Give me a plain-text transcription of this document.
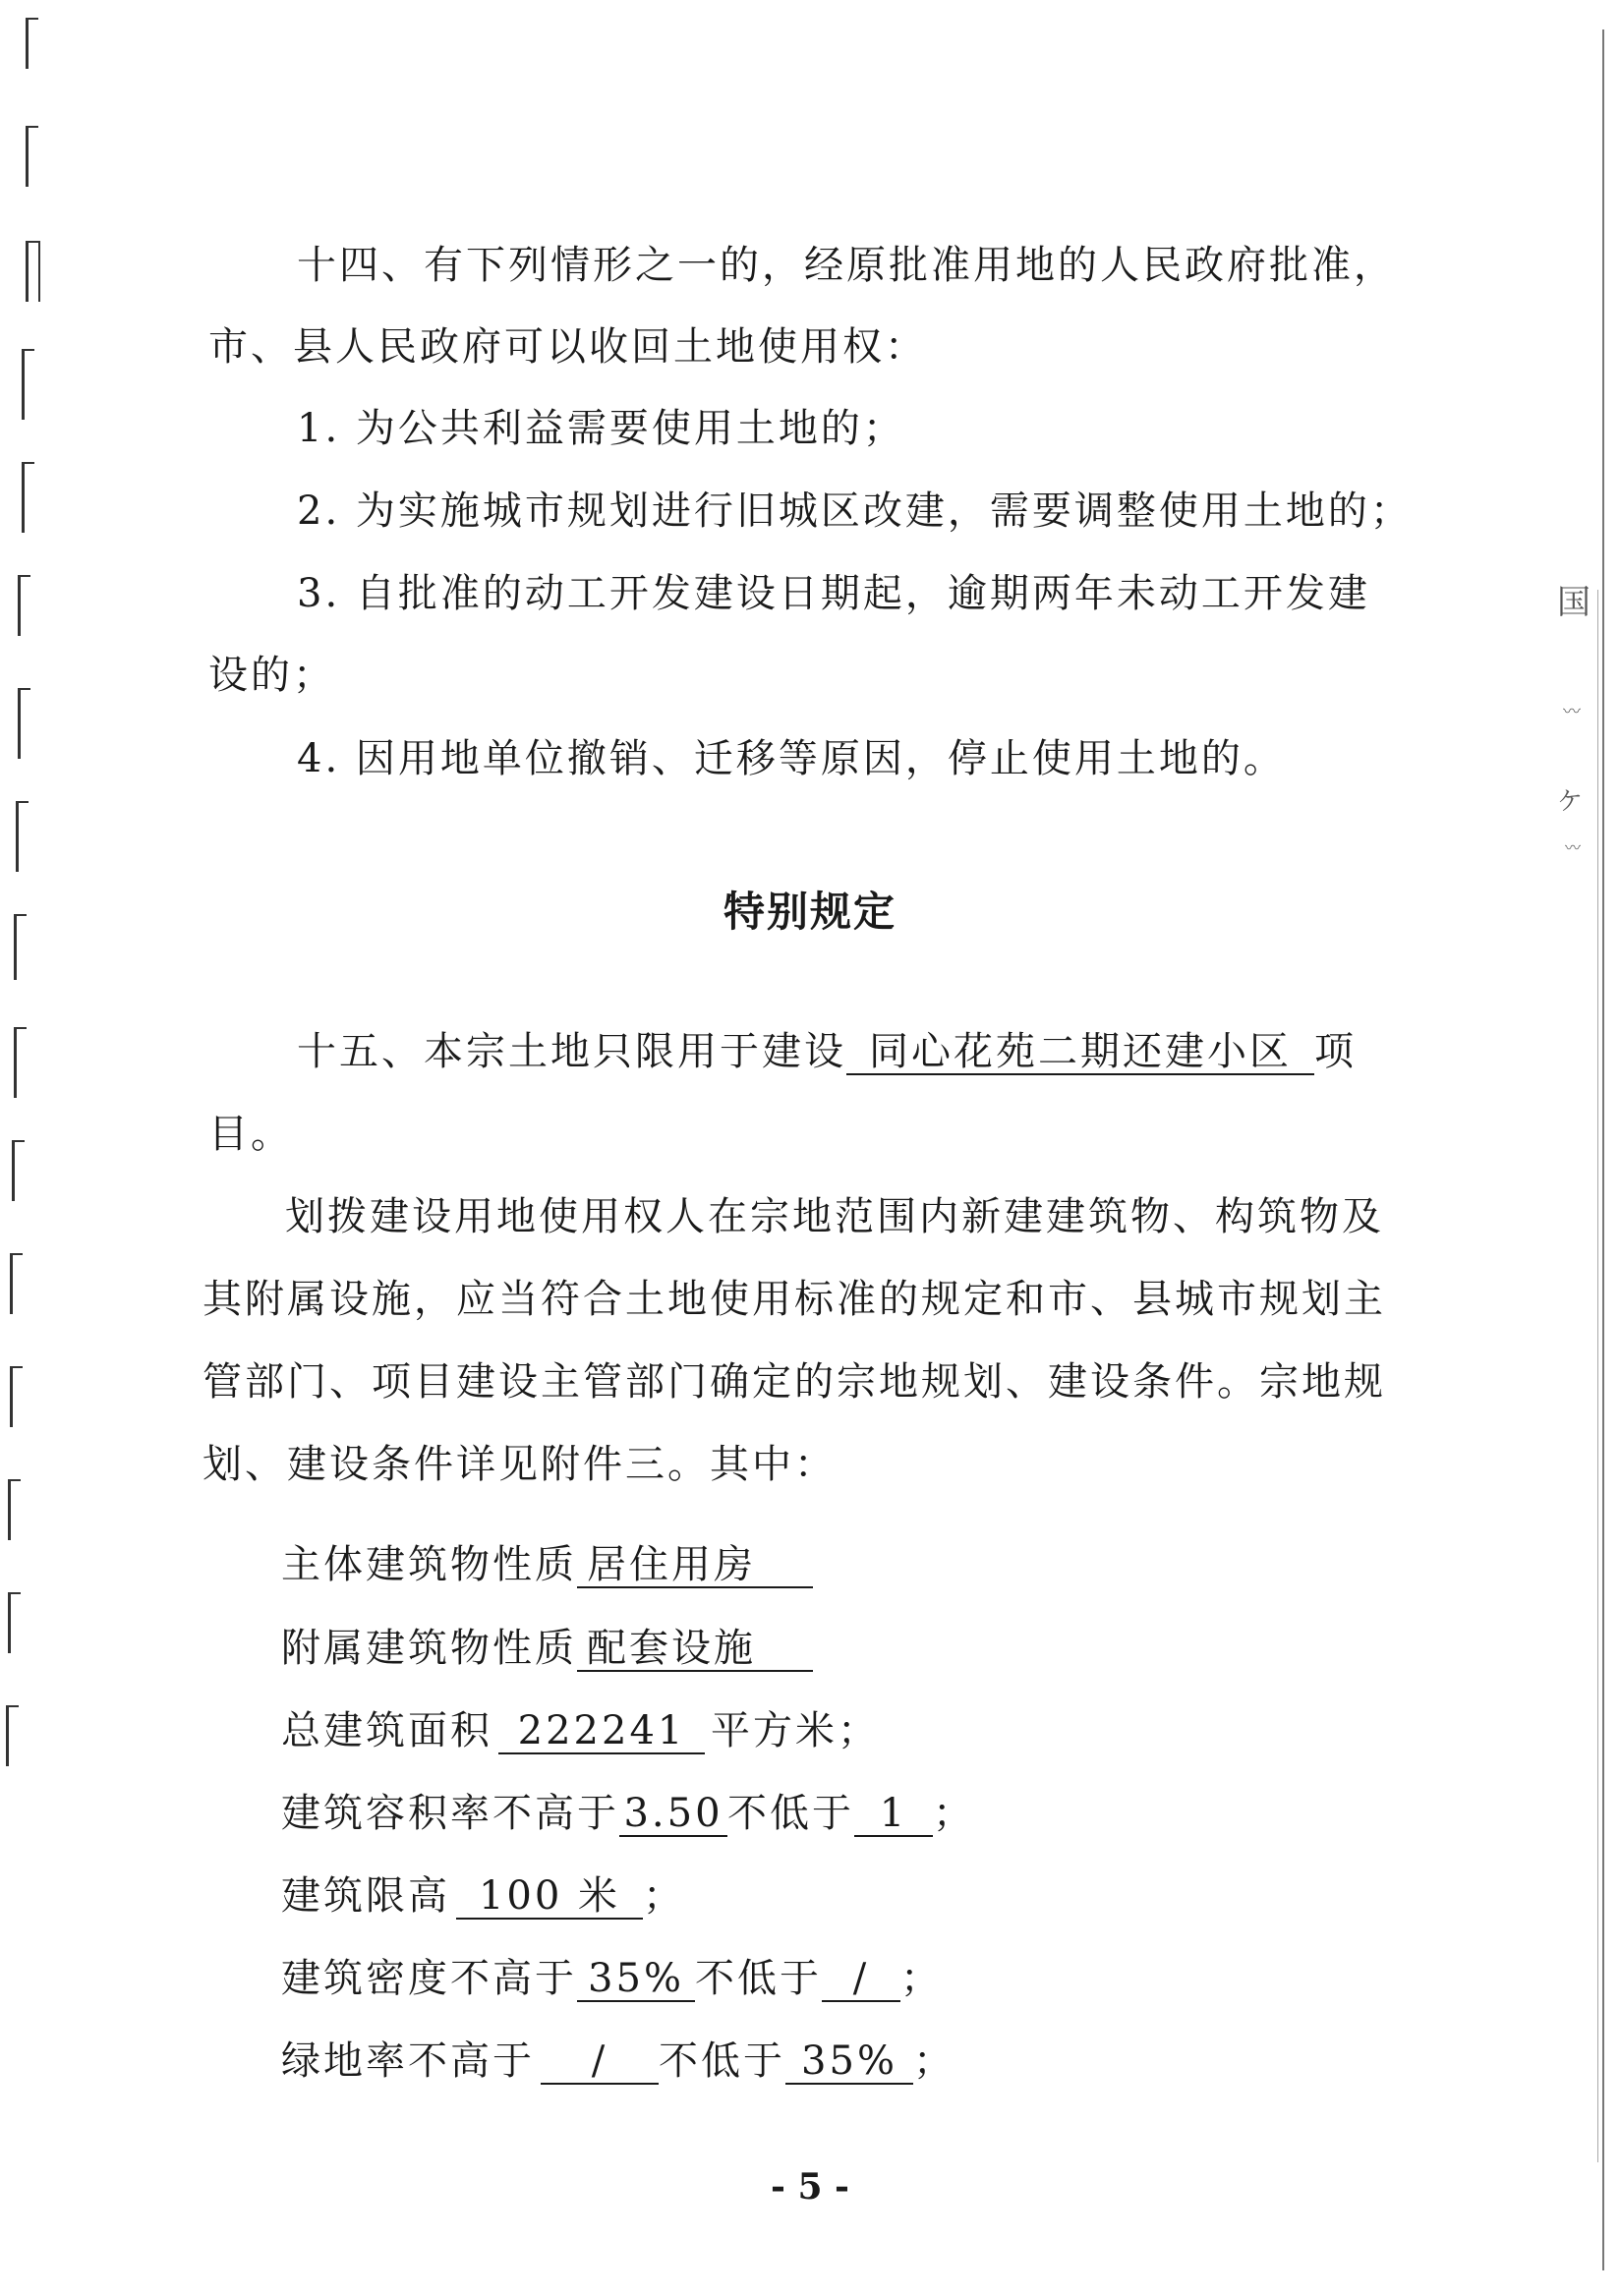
国
〰
ケ
〰

十四、有下列情形之一的，经原批准用地的人民政府批准，

市、县人民政府可以收回土地使用权：

1. 为公共利益需要使用土地的；

2. 为实施城市规划进行旧城区改建，需要调整使用土地的；

3. 自批准的动工开发建设日期起，逾期两年未动工开发建

设的；

4. 因用地单位撤销、迁移等原因，停止使用土地的。

特别规定

十五、本宗土地只限用于建设 同心花苑二期还建小区 项

目。

划拨建设用地使用权人在宗地范围内新建建筑物、构筑物及

其附属设施，应当符合土地使用标准的规定和市、县城市规划主

管部门、项目建设主管部门确定的宗地规划、建设条件。宗地规

划、建设条件详见附件三。其中：

主体建筑物性质 居住用房

附属建筑物性质 配套设施

总建筑面积 222241 平方米；

建筑容积率不高于 3.50 不低于 1 ；

建筑限高 100 米 ；

建筑密度不高于 35% 不低于 / ；

绿地率不高于 / 不低于 35% ；

- 5 -
